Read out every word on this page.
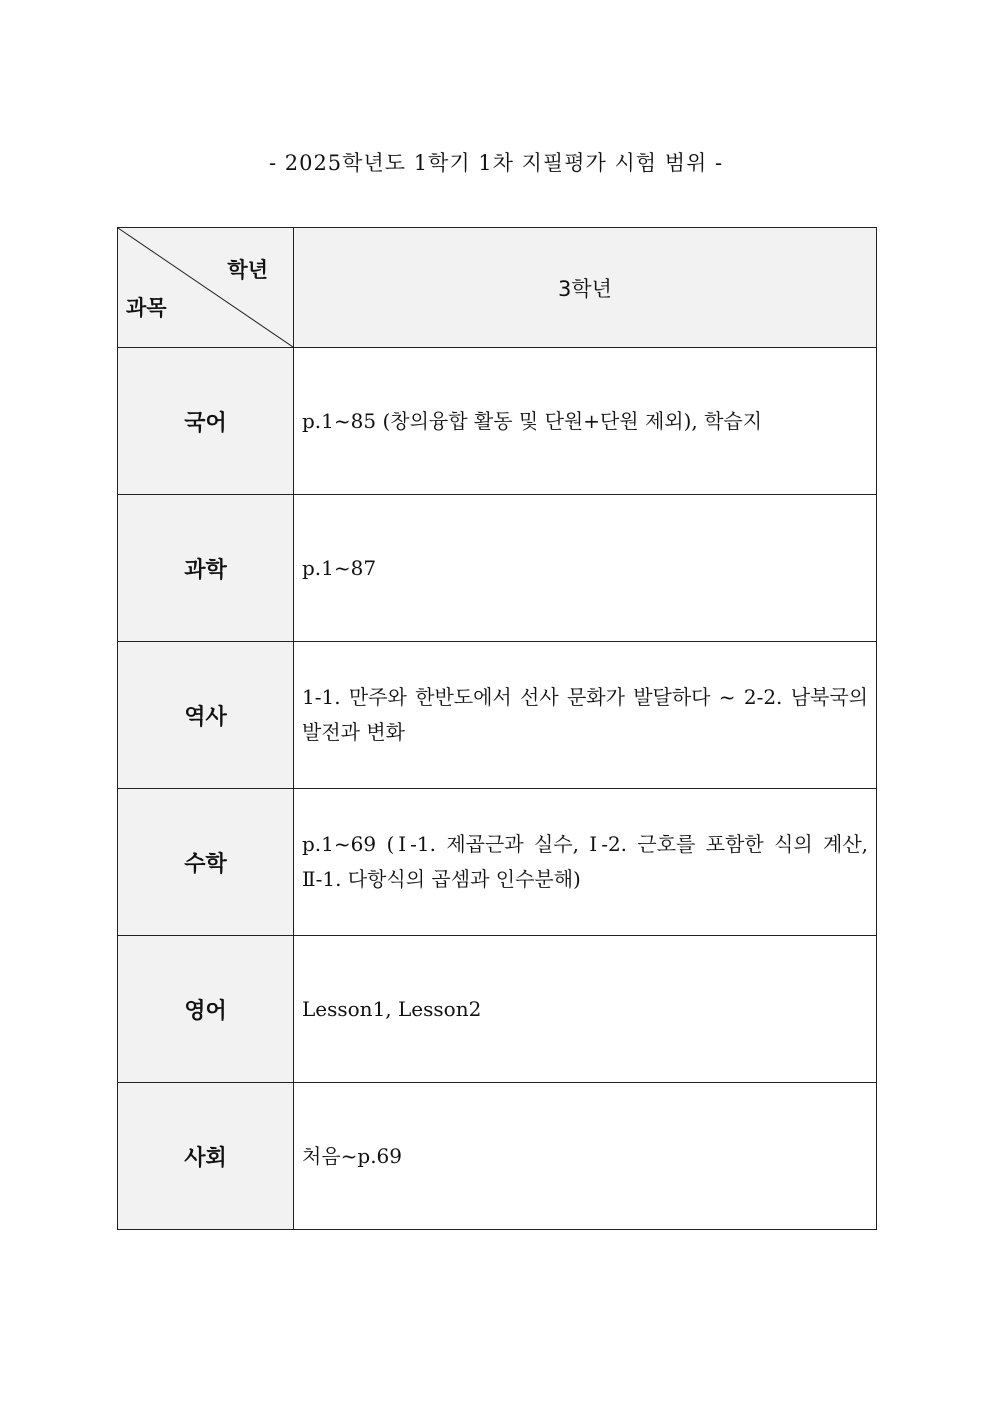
- 2025학년도 1학기 1차 지필평가 시험 범위 -
학년
과목	3학년
국어	p.1~85 (창의융합 활동 및 단원+단원 제외), 학습지
과학	p.1~87
역사	1-1. 만주와 한반도에서 선사 문화가 발달하다 ~ 2-2. 남북국의 발전과 변화
수학	p.1~69 (Ⅰ-1. 제곱근과 실수, Ⅰ-2. 근호를 포함한 식의 계산, Ⅱ-1. 다항식의 곱셈과 인수분해)
영어	Lesson1, Lesson2
사회	처음~p.69
